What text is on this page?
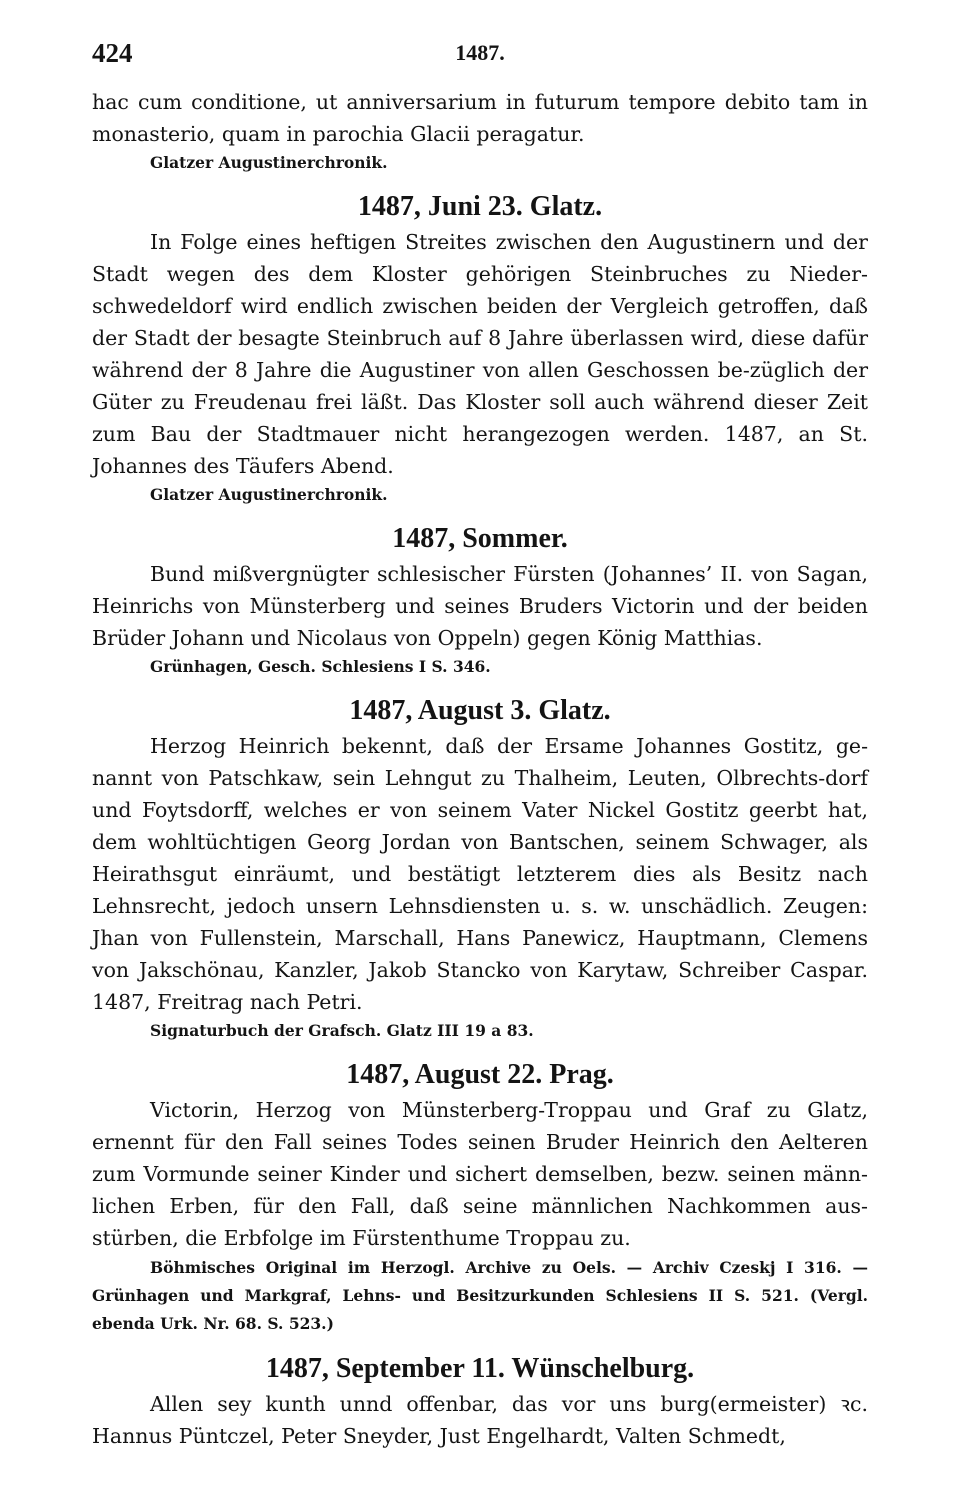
424	1487.

hac cum conditione, ut anniversarium in futurum tempore debito tam in monasterio, quam in parochia Glacii peragatur.

Glatzer Augustinerchronik.

1487, Juni 23. Glatz.

In Folge eines heftigen Streites zwischen den Augustinern und der Stadt wegen des dem Kloster gehörigen Steinbruches zu Nieder-schwedeldorf wird endlich zwischen beiden der Vergleich getroffen, daß der Stadt der besagte Steinbruch auf 8 Jahre überlassen wird, diese dafür während der 8 Jahre die Augustiner von allen Geschossen be-züglich der Güter zu Freudenau frei läßt. Das Kloster soll auch während dieser Zeit zum Bau der Stadtmauer nicht herangezogen werden. 1487, an St. Johannes des Täufers Abend.

Glatzer Augustinerchronik.

1487, Sommer.

Bund mißvergnügter schlesischer Fürsten (Johannes’ II. von Sagan, Heinrichs von Münsterberg und seines Bruders Victorin und der beiden Brüder Johann und Nicolaus von Oppeln) gegen König Matthias.

Grünhagen, Gesch. Schlesiens I S. 346.

1487, August 3. Glatz.

Herzog Heinrich bekennt, daß der Ersame Johannes Gostitz, ge-nannt von Patschkaw, sein Lehngut zu Thalheim, Leuten, Olbrechts-dorf und Foytsdorff, welches er von seinem Vater Nickel Gostitz geerbt hat, dem wohltüchtigen Georg Jordan von Bantschen, seinem Schwager, als Heirathsgut einräumt, und bestätigt letzterem dies als Besitz nach Lehnsrecht, jedoch unsern Lehnsdiensten u. s. w. unschädlich. Zeugen: Jhan von Fullenstein, Marschall, Hans Panewicz, Hauptmann, Clemens von Jakschönau, Kanzler, Jakob Stancko von Karytaw, Schreiber Caspar. 1487, Freitrag nach Petri.

Signaturbuch der Grafsch. Glatz III 19 a 83.

1487, August 22. Prag.

Victorin, Herzog von Münsterberg-Troppau und Graf zu Glatz, ernennt für den Fall seines Todes seinen Bruder Heinrich den Aelteren zum Vormunde seiner Kinder und sichert demselben, bezw. seinen männ-lichen Erben, für den Fall, daß seine männlichen Nachkommen aus-stürben, die Erbfolge im Fürstenthume Troppau zu.

Böhmisches Original im Herzogl. Archive zu Oels. — Archiv Czeskj I 316. — Grünhagen und Markgraf, Lehns- und Besitzurkunden Schlesiens II S. 521. (Vergl. ebenda Urk. Nr. 68. S. 523.)

1487, September 11. Wünschelburg.

Allen sey kunth unnd offenbar, das vor uns burg(ermeister) ꝛc. Hannus Püntczel, Peter Sneyder, Just Engelhardt, Valten Schmedt,
